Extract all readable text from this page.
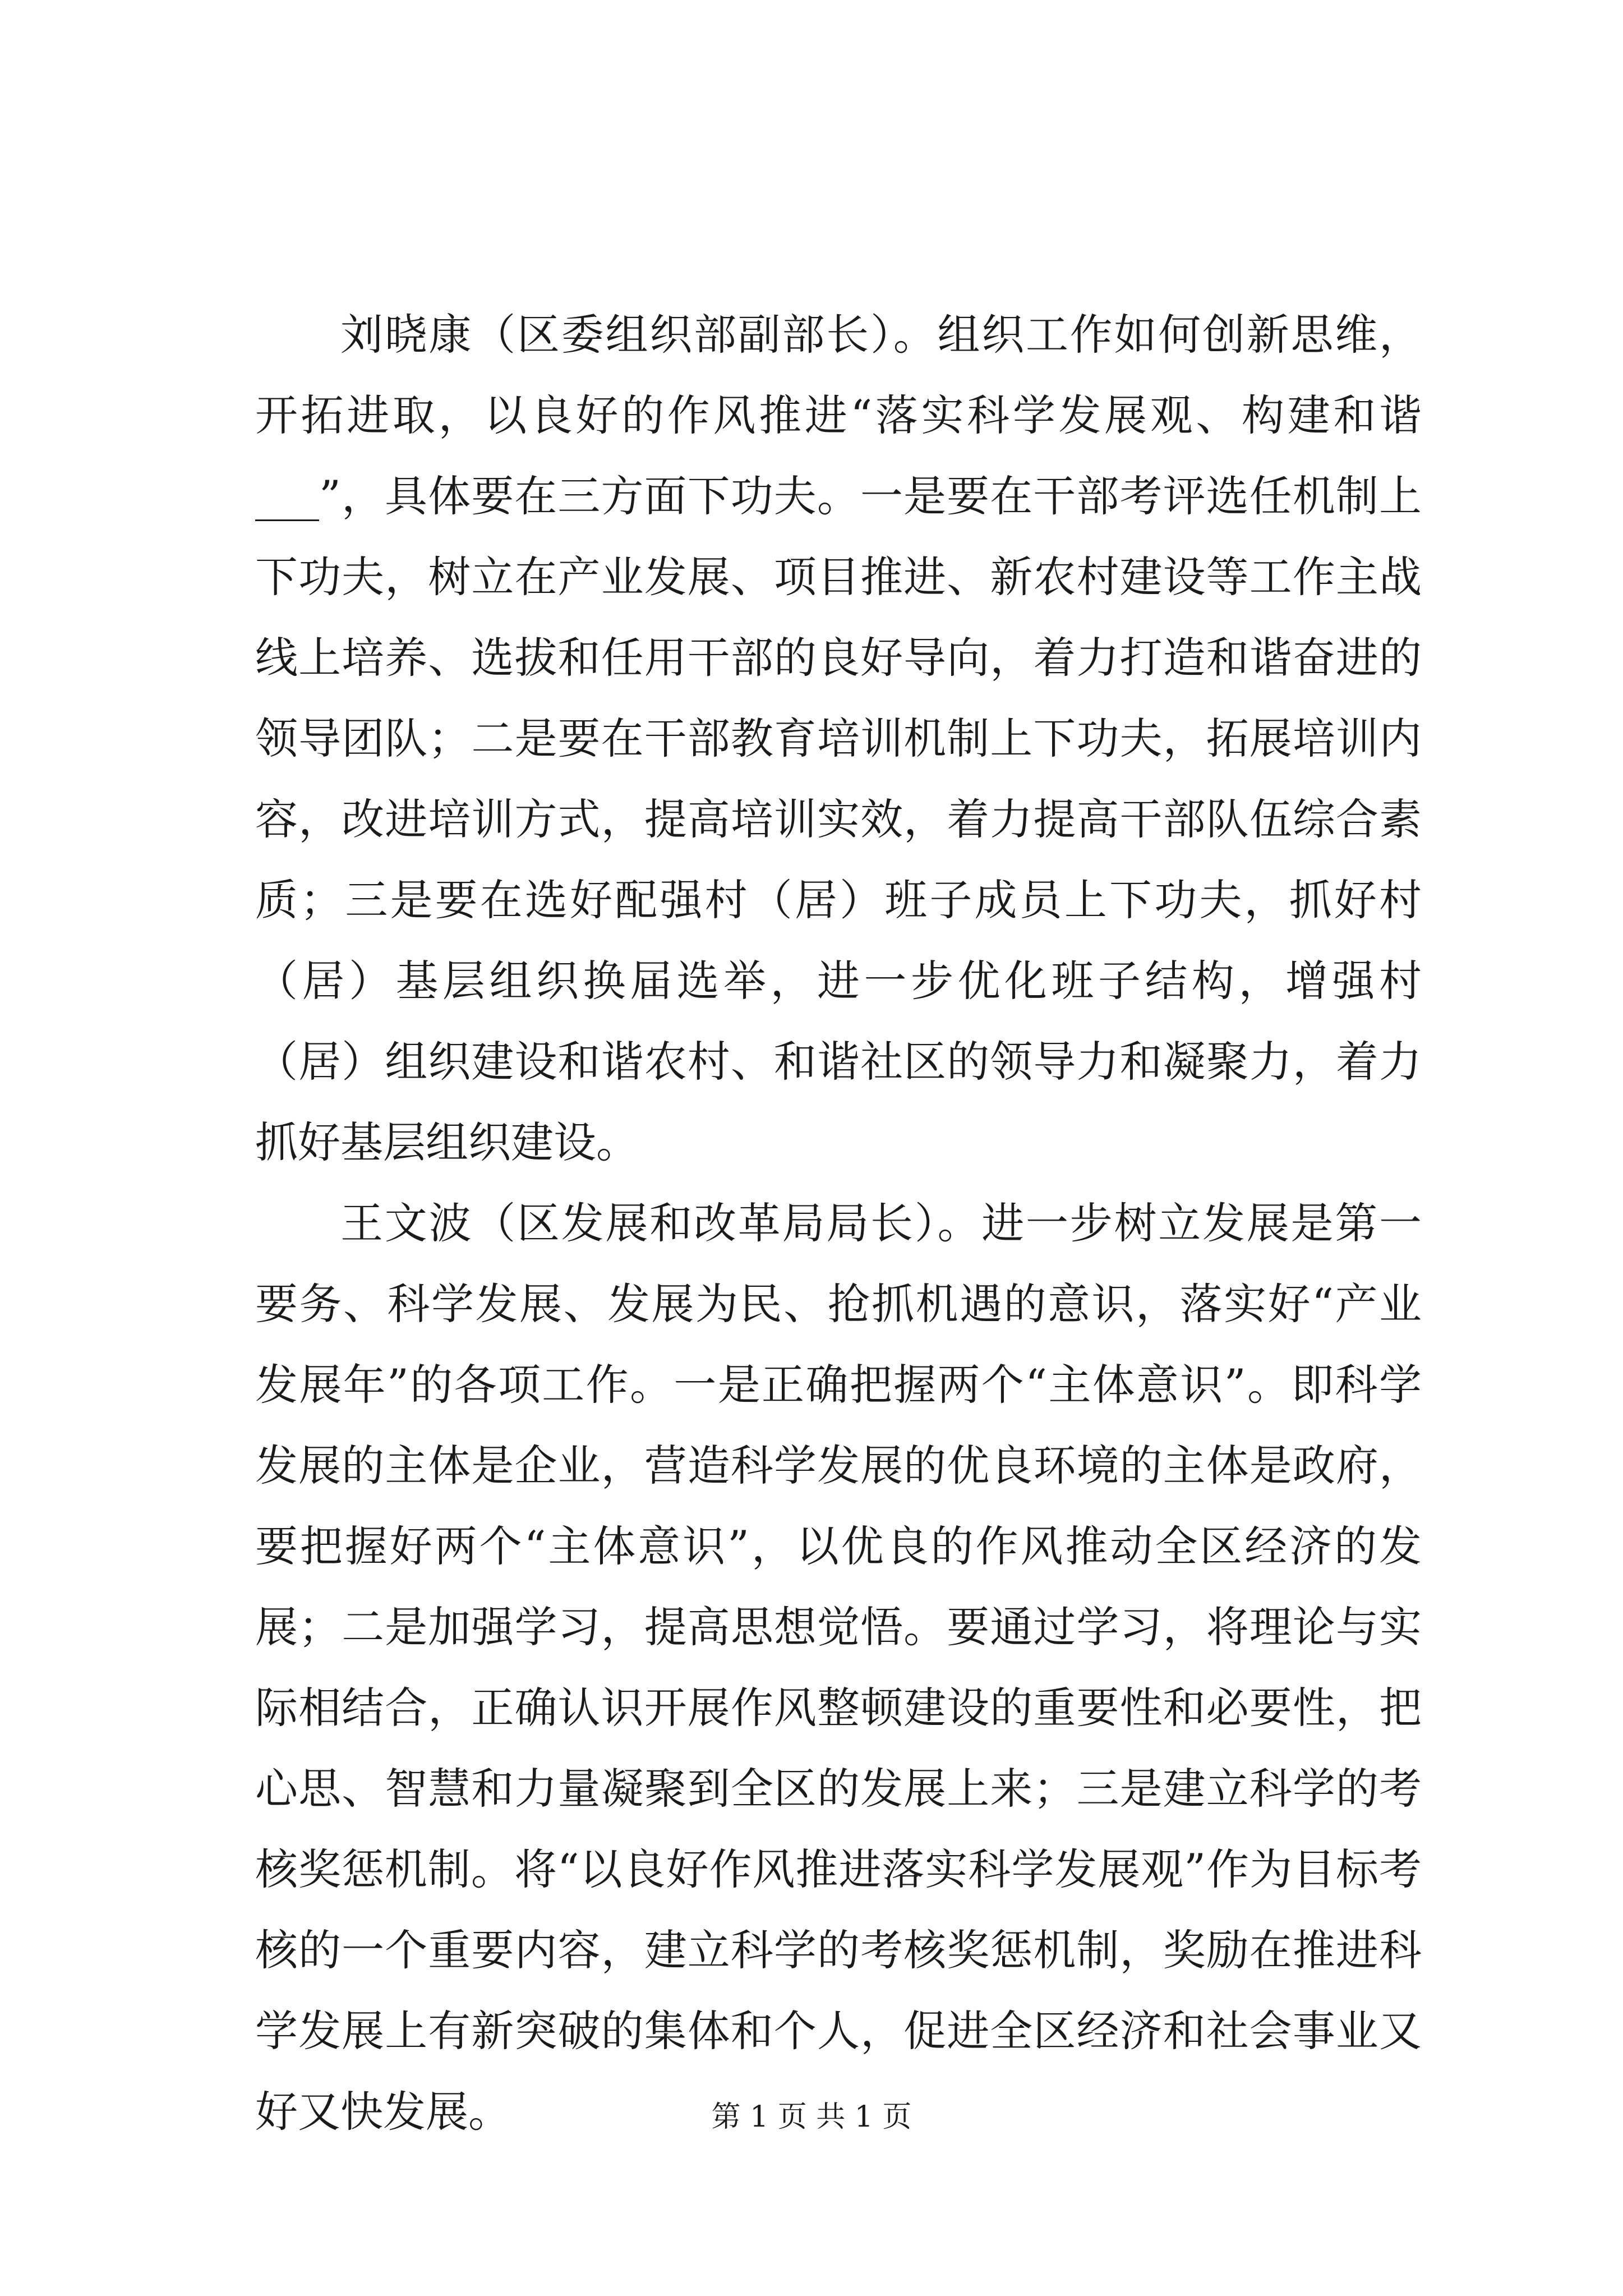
刘晓康（区委组织部副部长）。组织工作如何创新思维，开拓进取，以良好的作风推进“落实科学发展观、构建和谐___”，具体要在三方面下功夫。一是要在干部考评选任机制上下功夫，树立在产业发展、项目推进、新农村建设等工作主战线上培养、选拔和任用干部的良好导向，着力打造和谐奋进的领导团队；二是要在干部教育培训机制上下功夫，拓展培训内容，改进培训方式，提高培训实效，着力提高干部队伍综合素质；三是要在选好配强村（居）班子成员上下功夫，抓好村（居）基层组织换届选举，进一步优化班子结构，增强村（居）组织建设和谐农村、和谐社区的领导力和凝聚力，着力抓好基层组织建设。

王文波（区发展和改革局局长）。进一步树立发展是第一要务、科学发展、发展为民、抢抓机遇的意识，落实好“产业发展年”的各项工作。一是正确把握两个“主体意识”。即科学发展的主体是企业，营造科学发展的优良环境的主体是政府，要把握好两个“主体意识”，以优良的作风推动全区经济的发展；二是加强学习，提高思想觉悟。要通过学习，将理论与实际相结合，正确认识开展作风整顿建设的重要性和必要性，把心思、智慧和力量凝聚到全区的发展上来；三是建立科学的考核奖惩机制。将“以良好作风推进落实科学发展观”作为目标考核的一个重要内容，建立科学的考核奖惩机制，奖励在推进科学发展上有新突破的集体和个人，促进全区经济和社会事业又好又快发展。	第 1 页 共 1 页
